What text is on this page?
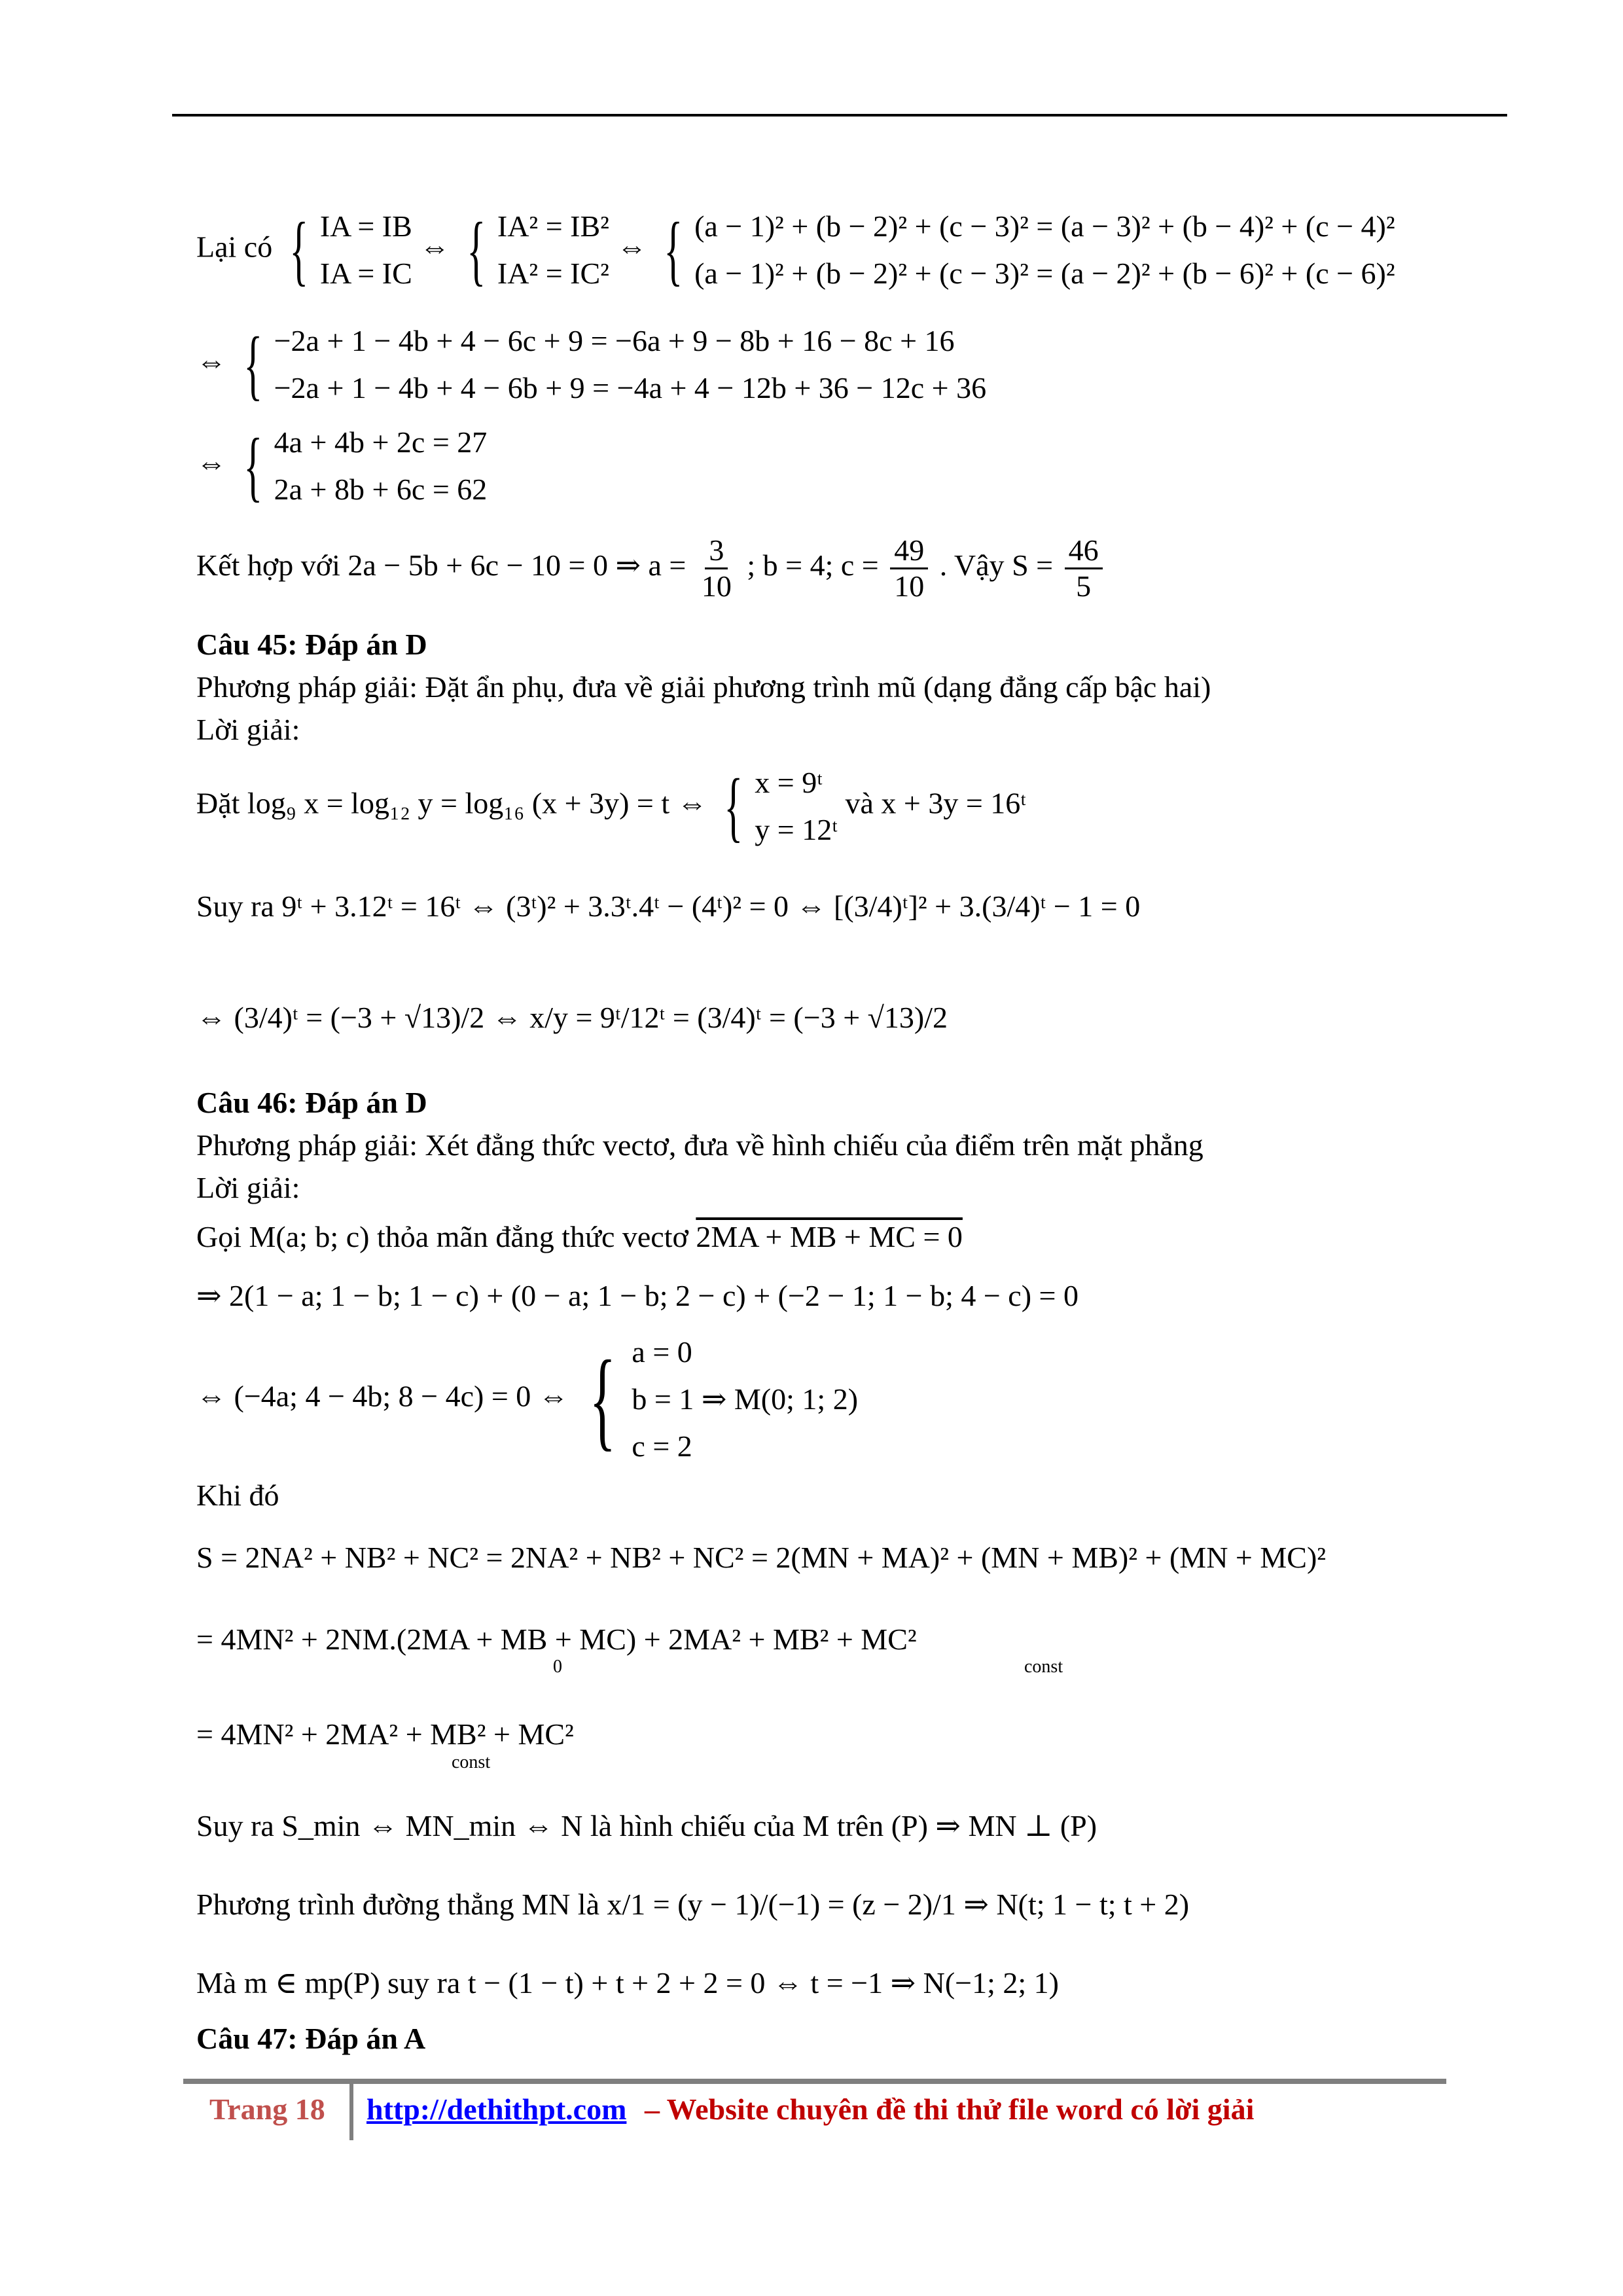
Lại có { IA = IB
IA = IC
⇔ { IA² = IB²
IA² = IC²
⇔ { (a − 1)² + (b − 2)² + (c − 3)² = (a − 3)² + (b − 4)² + (c − 4)²
(a − 1)² + (b − 2)² + (c − 3)² = (a − 2)² + (b − 6)² + (c − 6)²
⇔ { −2a + 1 − 4b + 4 − 6c + 9 = −6a + 9 − 8b + 16 − 8c + 16
−2a + 1 − 4b + 4 − 6b + 9 = −4a + 4 − 12b + 36 − 12c + 36
⇔ { 4a + 4b + 2c = 27
2a + 8b + 6c = 62
Kết hợp với 2a − 5b + 6c − 10 = 0 ⇒ $a = \frac{3}{10}$ ; b = 4; $c = \frac{49}{10}$ . Vậy $S = \frac{46}{5}$
Câu 45: Đáp án D
Phương pháp giải: Đặt ẩn phụ, đưa về giải phương trình mũ (dạng đẳng cấp bậc hai)
Lời giải:
Đặt log₉ x = log₁₂ y = log₁₆ (x + 3y) = t ⇔ { x = 9ᵗ
y = 12ᵗ
và x + 3y = 16ᵗ
Suy ra 9ᵗ + 3.12ᵗ = 16ᵗ ⇔ (3ᵗ)² + 3.3ᵗ.4ᵗ − (4ᵗ)² = 0 ⇔ [(3/4)ᵗ]² + 3.(3/4)ᵗ − 1 = 0
⇔ (3/4)ᵗ = (−3 + √13)/2 ⇔ x/y = 9ᵗ/12ᵗ = (3/4)ᵗ = (−3 + √13)/2
Câu 46: Đáp án D
Phương pháp giải: Xét đẳng thức vectơ, đưa về hình chiếu của điểm trên mặt phẳng
Lời giải:
Gọi M(a; b; c) thỏa mãn đẳng thức vectơ 2MA + MB + MC = 0
⇒ 2(1 − a; 1 − b; 1 − c) + (0 − a; 1 − b; 2 − c) + (−2 − 1; 1 − b; 4 − c) = 0
⇔ (−4a; 4 − 4b; 8 − 4c) = 0 ⇔ { a = 0
b = 1 ⇒ M(0; 1; 2)
c = 2
Khi đó
S = 2NA² + NB² + NC² = 2NA² + NB² + NC² = 2(MN + MA)² + (MN + MB)² + (MN + MC)²
= 4MN² + 2NM.(2MA + MB + MC) + 2MA² + MB² + MC²
0	const
= 4MN² + 2MA² + MB² + MC²
const
Suy ra S_min ⇔ MN_min ⇔ N là hình chiếu của M trên (P) ⇒ MN ⊥ (P)
Phương trình đường thẳng MN là x/1 = (y − 1)/(−1) = (z − 2)/1 ⇒ N(t; 1 − t; t + 2)
Mà m ∈ mp(P) suy ra t − (1 − t) + t + 2 + 2 = 0 ⇔ t = −1 ⇒ N(−1; 2; 1)
Câu 47: Đáp án A
Trang 18 http://dethithpt.com – Website chuyên đề thi thử file word có lời giải
